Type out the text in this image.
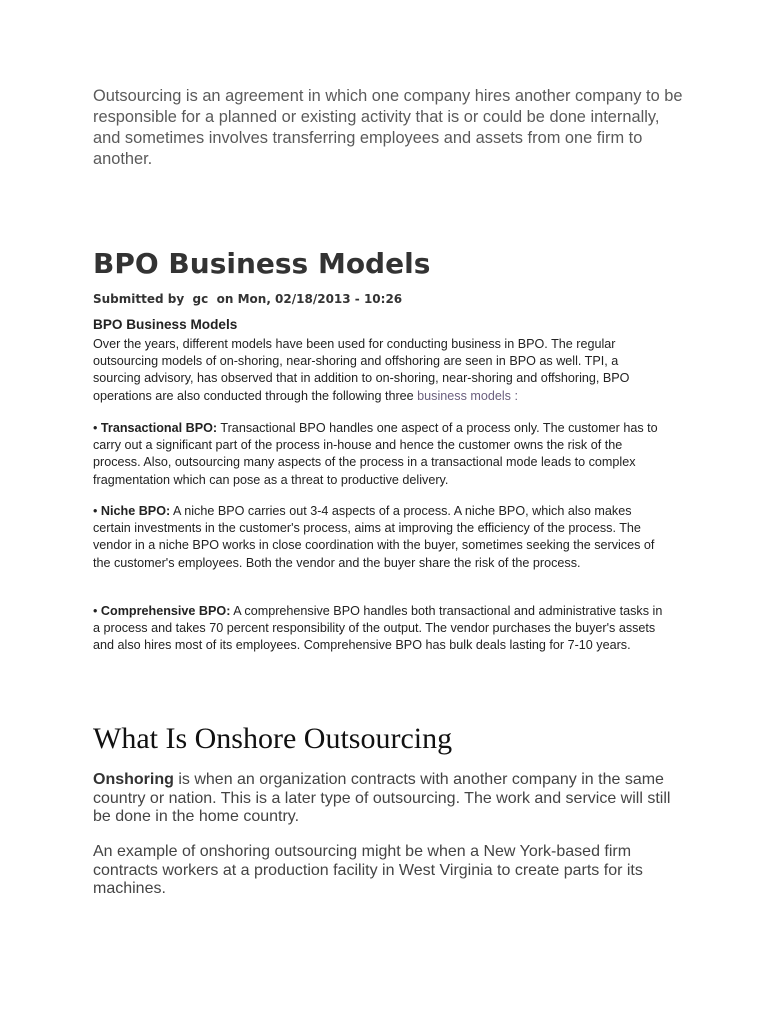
Outsourcing is an agreement in which one company hires another company to be responsible for a planned or existing activity that is or could be done internally, and sometimes involves transferring employees and assets from one firm to another.

BPO Business Models

Submitted by gc on Mon, 02/18/2013 - 10:26

BPO Business Models

Over the years, different models have been used for conducting business in BPO. The regular outsourcing models of on-shoring, near-shoring and offshoring are seen in BPO as well. TPI, a sourcing advisory, has observed that in addition to on-shoring, near-shoring and offshoring, BPO operations are also conducted through the following three business models :

• Transactional BPO: Transactional BPO handles one aspect of a process only. The customer has to carry out a significant part of the process in-house and hence the customer owns the risk of the process. Also, outsourcing many aspects of the process in a transactional mode leads to complex fragmentation which can pose as a threat to productive delivery.

• Niche BPO: A niche BPO carries out 3-4 aspects of a process. A niche BPO, which also makes certain investments in the customer's process, aims at improving the efficiency of the process. The vendor in a niche BPO works in close coordination with the buyer, sometimes seeking the services of the customer's employees. Both the vendor and the buyer share the risk of the process.

• Comprehensive BPO: A comprehensive BPO handles both transactional and administrative tasks in a process and takes 70 percent responsibility of the output. The vendor purchases the buyer's assets and also hires most of its employees. Comprehensive BPO has bulk deals lasting for 7-10 years.

What Is Onshore Outsourcing

Onshoring is when an organization contracts with another company in the same country or nation. This is a later type of outsourcing. The work and service will still be done in the home country.

An example of onshoring outsourcing might be when a New York-based firm contracts workers at a production facility in West Virginia to create parts for its machines.
